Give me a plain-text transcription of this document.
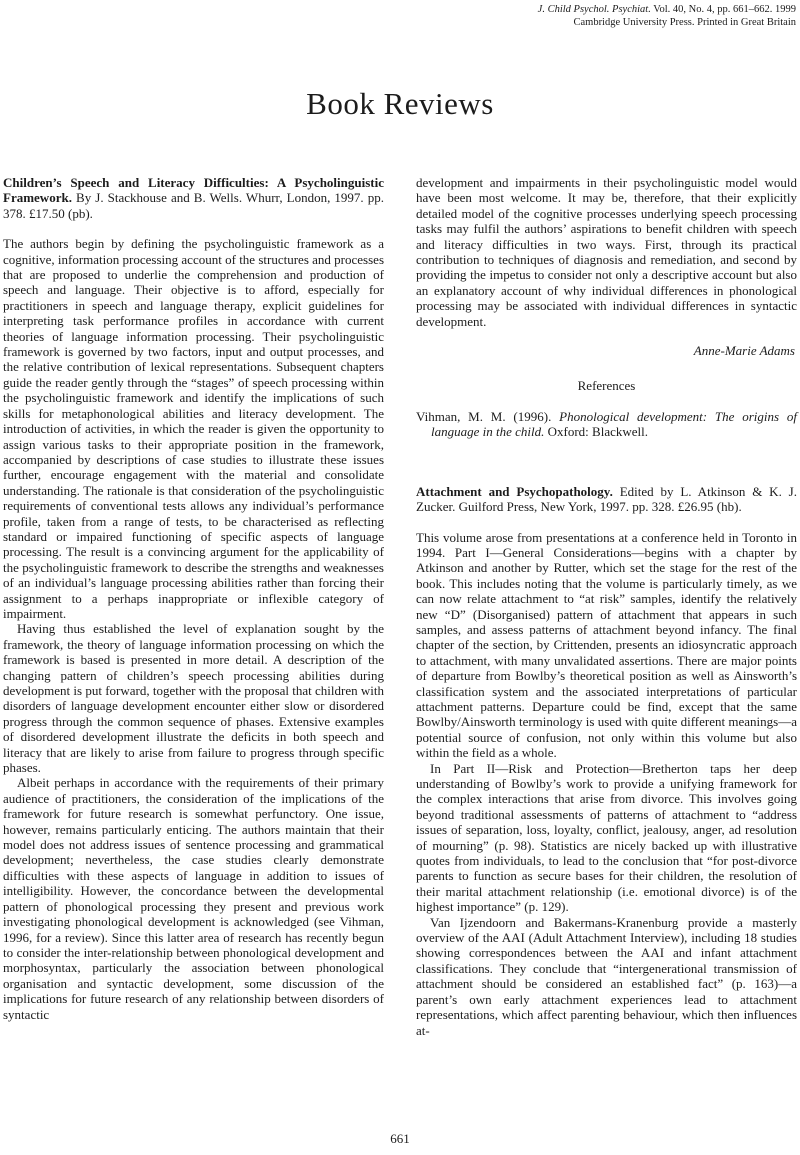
J. Child Psychol. Psychiat. Vol. 40, No. 4, pp. 661–662. 1999
Cambridge University Press. Printed in Great Britain
Book Reviews

Children’s Speech and Literacy Difficulties: A Psycholinguistic Framework. By J. Stackhouse and B. Wells. Whurr, London, 1997. pp. 378. £17.50 (pb).

The authors begin by defining the psycholinguistic framework as a cognitive, information processing account of the structures and processes that are proposed to underlie the comprehension and production of speech and language. Their objective is to afford, especially for practitioners in speech and language therapy, explicit guidelines for interpreting task performance profiles in accordance with current theories of language information processing. Their psycholinguistic framework is governed by two factors, input and output processes, and the relative contribution of lexical representations. Subsequent chapters guide the reader gently through the “stages” of speech processing within the psycholinguistic framework and identify the implications of such skills for metaphonological abilities and literacy development. The introduction of activities, in which the reader is given the opportunity to assign various tasks to their appropriate position in the framework, accompanied by descriptions of case studies to illustrate these issues further, encourage engagement with the material and consolidate understanding. The rationale is that consideration of the psycholinguistic requirements of conventional tests allows any individual’s performance profile, taken from a range of tests, to be characterised as reflecting standard or impaired functioning of specific aspects of language processing. The result is a convincing argument for the applicability of the psycholinguistic framework to describe the strengths and weaknesses of an individual’s language processing abilities rather than forcing their assignment to a perhaps inappropriate or inflexible category of impairment.

Having thus established the level of explanation sought by the framework, the theory of language information processing on which the framework is based is presented in more detail. A description of the changing pattern of children’s speech processing abilities during development is put forward, together with the proposal that children with disorders of language development encounter either slow or disordered progress through the common sequence of phases. Extensive examples of disordered development illustrate the deficits in both speech and literacy that are likely to arise from failure to progress through specific phases.

Albeit perhaps in accordance with the requirements of their primary audience of practitioners, the consideration of the implications of the framework for future research is somewhat perfunctory. One issue, however, remains particularly enticing. The authors maintain that their model does not address issues of sentence processing and grammatical development; nevertheless, the case studies clearly demonstrate difficulties with these aspects of language in addition to issues of intelligibility. However, the concordance between the developmental pattern of phonological processing they present and previous work investigating phonological development is acknowledged (see Vihman, 1996, for a review). Since this latter area of research has recently begun to consider the inter-relationship between phonological development and morphosyntax, particularly the association between phonological organisation and syntactic development, some discussion of the implications for future research of any relationship between disorders of syntactic

development and impairments in their psycholinguistic model would have been most welcome. It may be, therefore, that their explicitly detailed model of the cognitive processes underlying speech processing tasks may fulfil the authors’ aspirations to benefit children with speech and literacy difficulties in two ways. First, through its practical contribution to techniques of diagnosis and remediation, and second by providing the impetus to consider not only a descriptive account but also an explanatory account of why individual differences in phonological processing may be associated with individual differences in syntactic development.

Anne-Marie Adams

References

Vihman, M. M. (1996). Phonological development: The origins of language in the child. Oxford: Blackwell.

Attachment and Psychopathology. Edited by L. Atkinson & K. J. Zucker. Guilford Press, New York, 1997. pp. 328. £26.95 (hb).

This volume arose from presentations at a conference held in Toronto in 1994. Part I—General Considerations—begins with a chapter by Atkinson and another by Rutter, which set the stage for the rest of the book. This includes noting that the volume is particularly timely, as we can now relate attachment to “at risk” samples, identify the relatively new “D” (Disorganised) pattern of attachment that appears in such samples, and assess patterns of attachment beyond infancy. The final chapter of the section, by Crittenden, presents an idiosyncratic approach to attachment, with many unvalidated assertions. There are major points of departure from Bowlby’s theoretical position as well as Ainsworth’s classification system and the associated interpretations of particular attachment patterns. Departure could be find, except that the same Bowlby/Ainsworth terminology is used with quite different meanings—a potential source of confusion, not only within this volume but also within the field as a whole.

In Part II—Risk and Protection—Bretherton taps her deep understanding of Bowlby’s work to provide a unifying framework for the complex interactions that arise from divorce. This involves going beyond traditional assessments of patterns of attachment to “address issues of separation, loss, loyalty, conflict, jealousy, anger, ad resolution of mourning” (p. 98). Statistics are nicely backed up with illustrative quotes from individuals, to lead to the conclusion that “for post-divorce parents to function as secure bases for their children, the resolution of their marital attachment relationship (i.e. emotional divorce) is of the highest importance” (p. 129).

Van Ijzendoorn and Bakermans-Kranenburg provide a masterly overview of the AAI (Adult Attachment Interview), including 18 studies showing correspondences between the AAI and infant attachment classifications. They conclude that “intergenerational transmission of attachment should be considered an established fact” (p. 163)—a parent’s own early attachment experiences lead to attachment representations, which affect parenting behaviour, which then influences at-

661
